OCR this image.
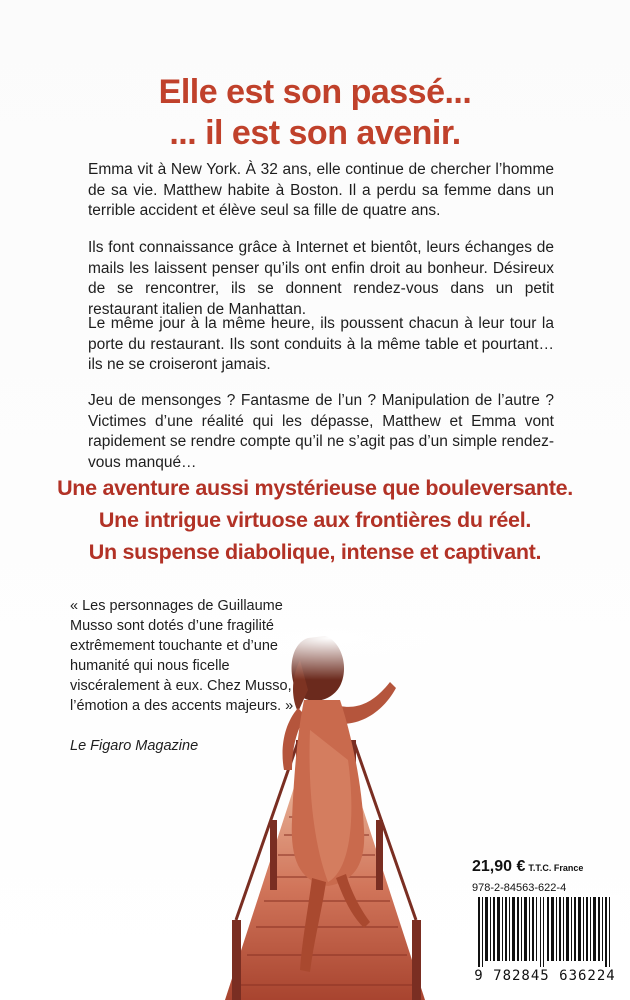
Elle est son passé...
... il est son avenir.

Emma vit à New York. À 32 ans, elle continue de chercher l’homme de sa vie. Matthew habite à Boston. Il a perdu sa femme dans un terrible accident et élève seul sa fille de quatre ans.

Ils font connaissance grâce à Internet et bientôt, leurs échanges de mails les laissent penser qu’ils ont enfin droit au bonheur. Désireux de se rencontrer, ils se donnent rendez-vous dans un petit restaurant italien de Manhattan.

Le même jour à la même heure, ils poussent chacun à leur tour la porte du restaurant. Ils sont conduits à la même table et pourtant… ils ne se croiseront jamais.

Jeu de mensonges ? Fantasme de l’un ? Manipulation de l’autre ? Victimes d’une réalité qui les dépasse, Matthew et Emma vont rapidement se rendre compte qu’il ne s’agit pas d’un simple rendez-vous manqué…

Une aventure aussi mystérieuse que bouleversante.
Une intrigue virtuose aux frontières du réel.
Un suspense diabolique, intense et captivant.

« Les personnages de Guillaume Musso sont dotés d’une fragilité extrêmement touchante et d’une humanité qui nous ficelle viscéralement à eux. Chez Musso, l’émotion a des accents majeurs. »

Le Figaro Magazine
21,90 € T.T.C. France
978-2-84563-622-4
9 782845 636224
